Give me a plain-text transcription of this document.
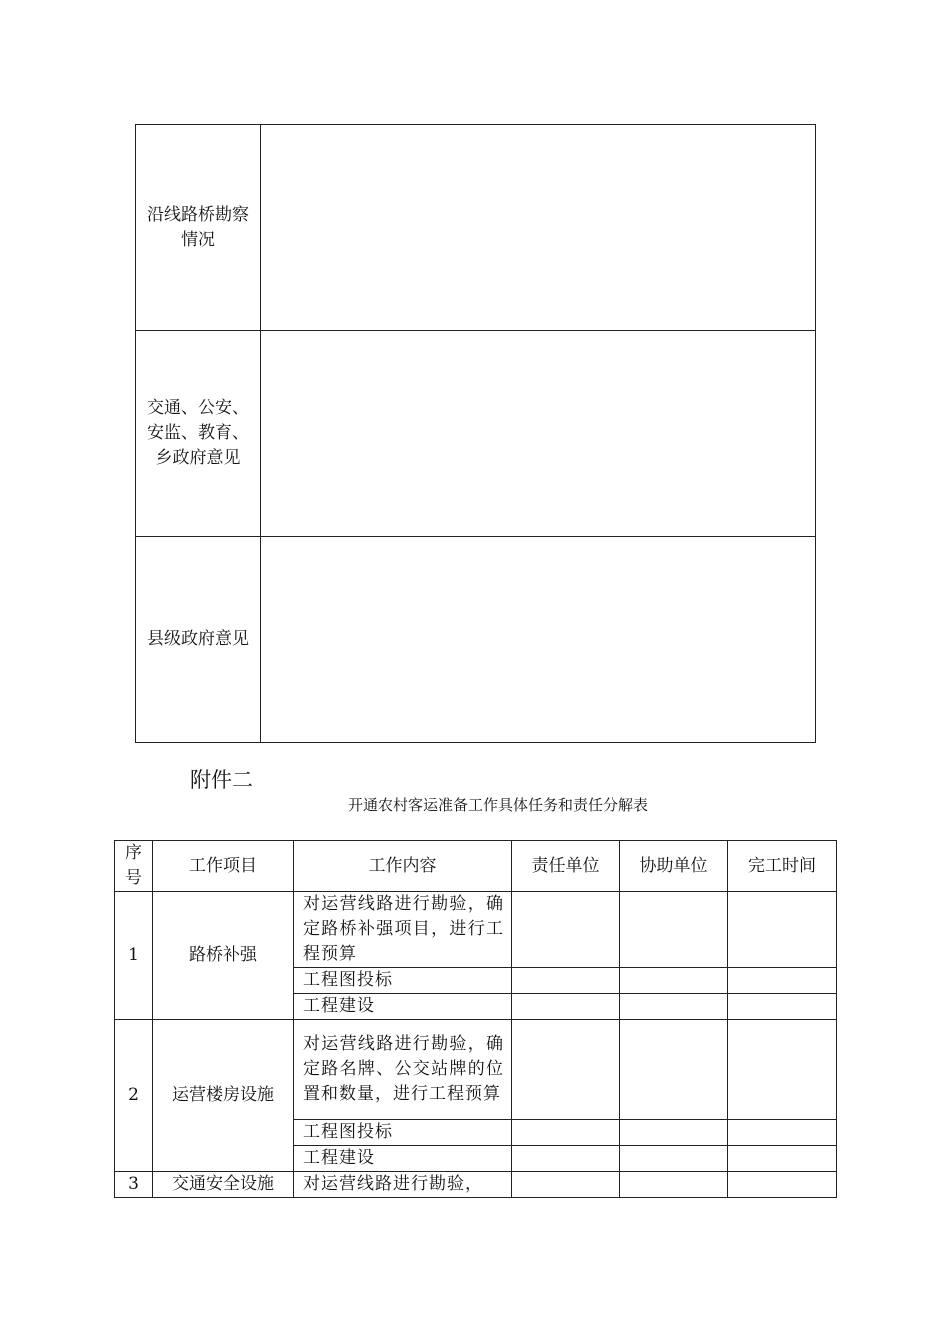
沿线路桥勘察情况	
交通、公安、安监、教育、乡政府意见	
县级政府意见	
附件二
开通农村客运准备工作具体任务和责任分解表
序号	工作项目	工作内容	责任单位	协助单位	完工时间
1	路桥补强	对运营线路进行勘验，确定路桥补强项目，进行工程预算			
		工程图投标			
		工程建设			
2	运营楼房设施	对运营线路进行勘验，确定路名牌、公交站牌的位置和数量，进行工程预算			
		工程图投标			
		工程建设			
3	交通安全设施	对运营线路进行勘验，			
